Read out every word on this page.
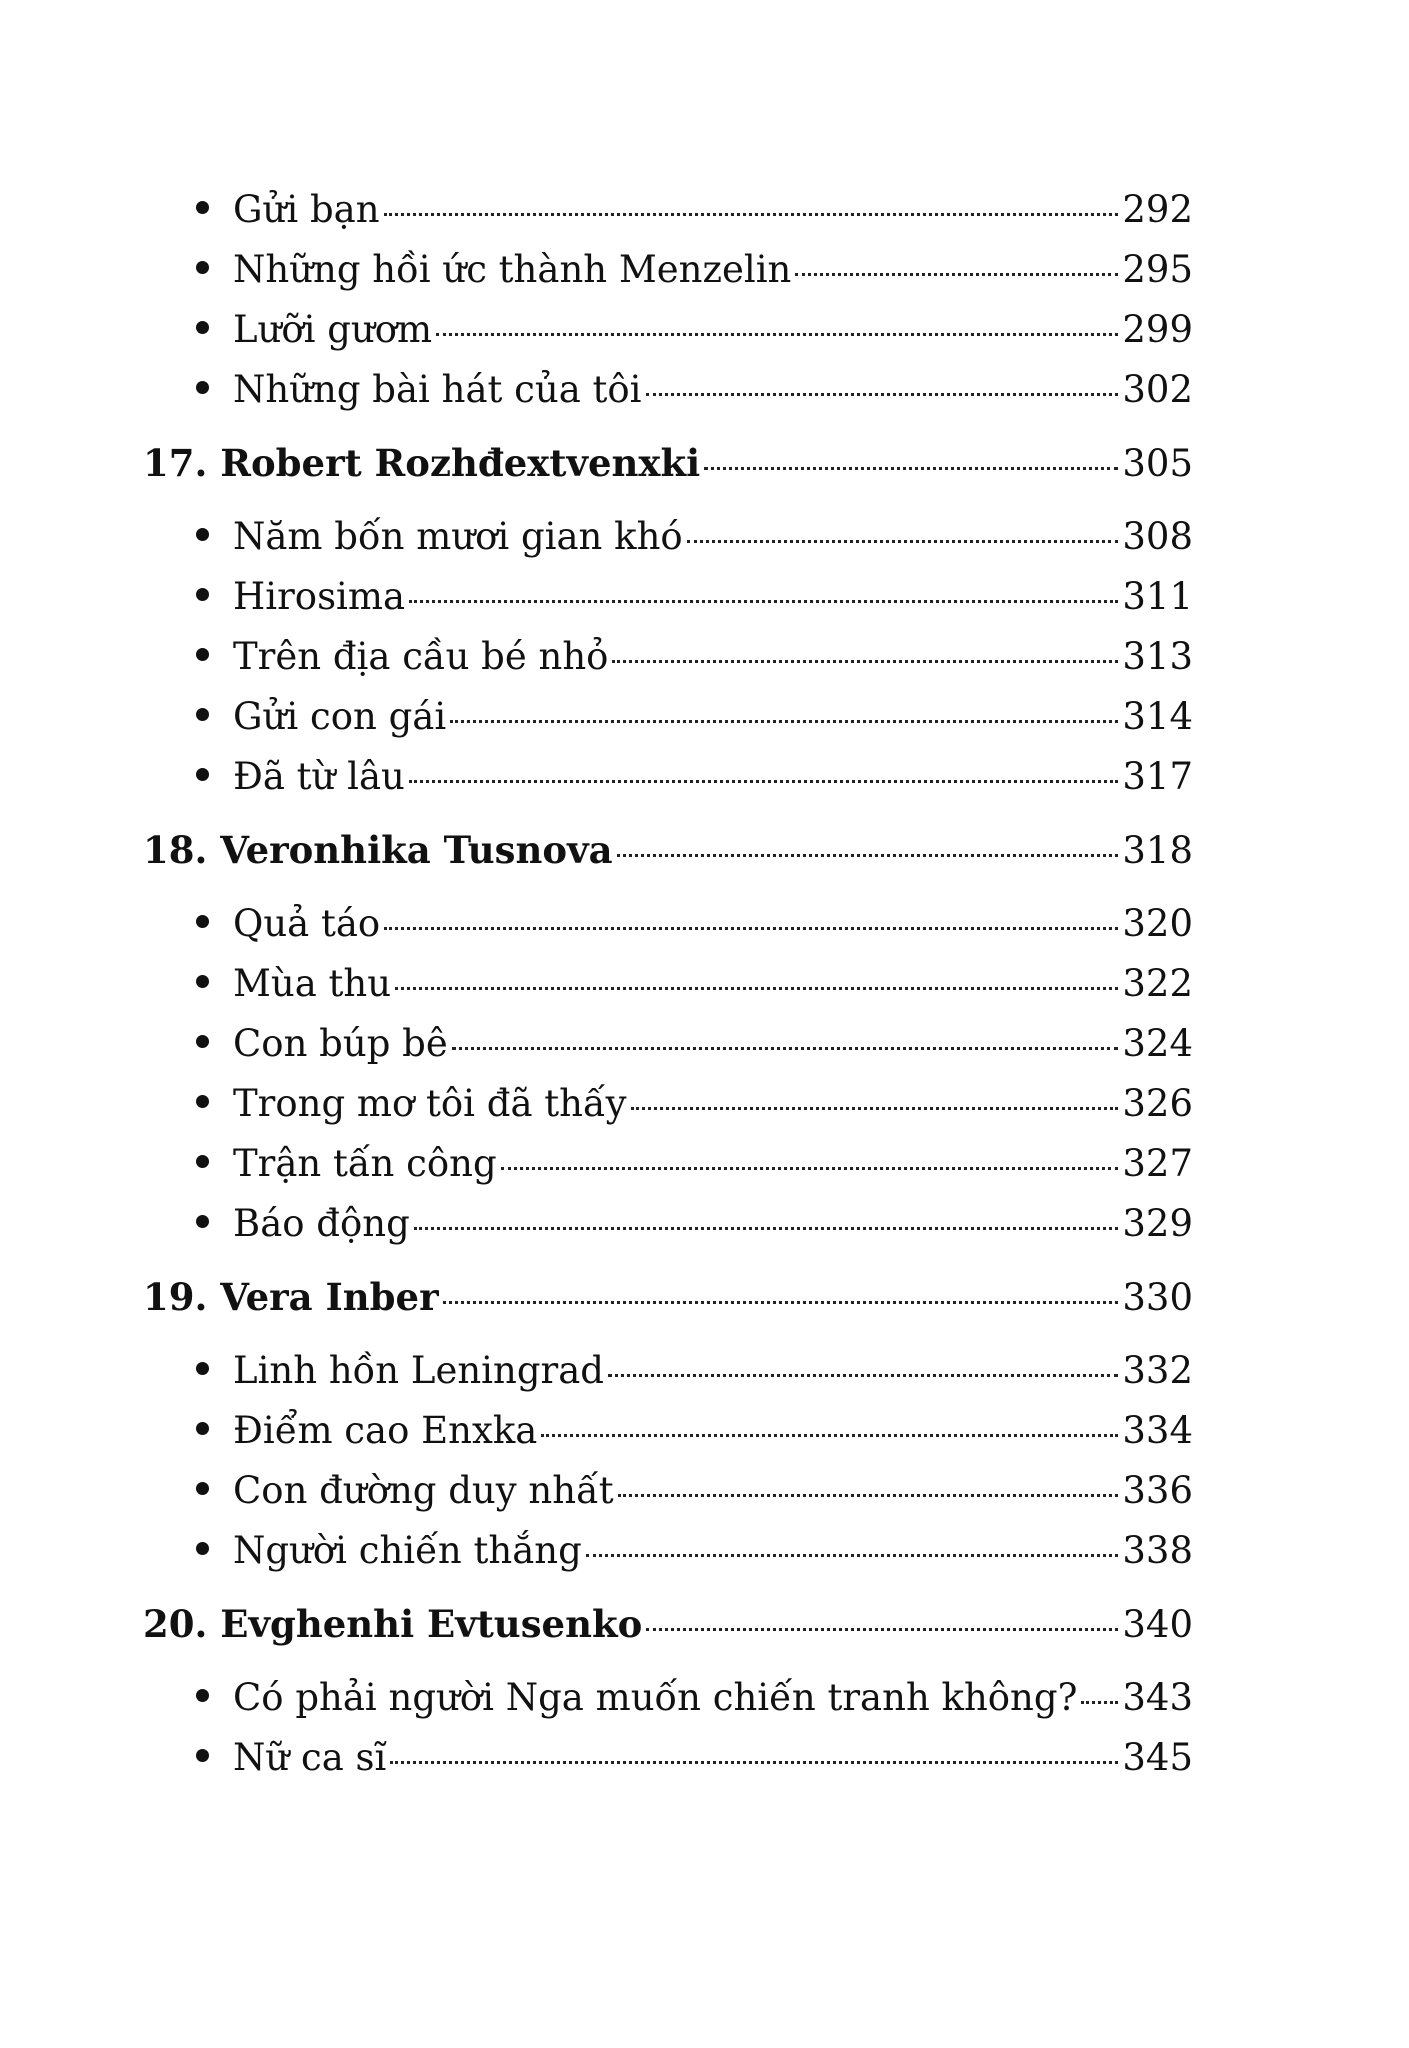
Gửi bạn	292
Những hồi ức thành Menzelin	295
Lưỡi gươm	299
Những bài hát của tôi	302
17. Robert Rozhđextvenxki	305
Năm bốn mươi gian khó	308
Hirosima	311
Trên địa cầu bé nhỏ	313
Gửi con gái	314
Đã từ lâu	317
18. Veronhika Tusnova	318
Quả táo	320
Mùa thu	322
Con búp bê	324
Trong mơ tôi đã thấy	326
Trận tấn công	327
Báo động	329
19. Vera Inber	330
Linh hồn Leningrad	332
Điểm cao Enxka	334
Con đường duy nhất	336
Người chiến thắng	338
20. Evghenhi Evtusenko	340
Có phải người Nga muốn chiến tranh không? 343
Nữ ca sĩ	345
